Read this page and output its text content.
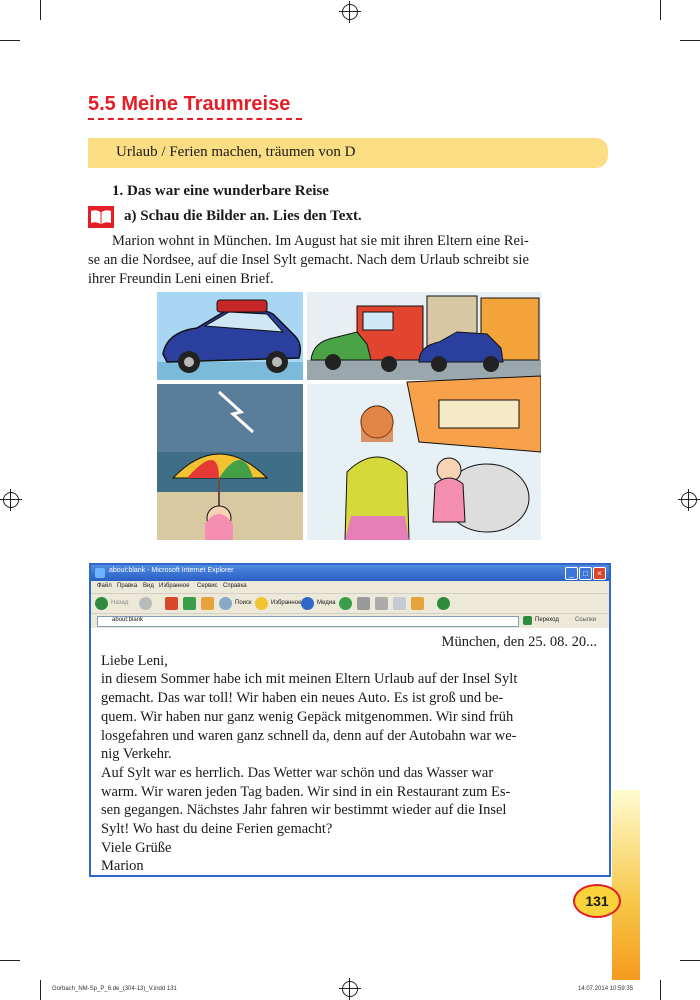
5.5 Meine Traumreise
Urlaub / Ferien machen, träumen von D
1. Das war eine wunderbare Reise
a) Schau die Bilder an. Lies den Text.
Marion wohnt in München. Im August hat sie mit ihren Eltern eine Rei-
se an die Nordsee, auf die Insel Sylt gemacht. Nach dem Urlaub schreibt sie
ihrer Freundin Leni einen Brief.
about:blank - Microsoft Internet Explorer	_	□	×
Файл Правка Вид Избранное Сервис Справка
Назад	Поиск	Избранное	Медиа
about:blank	Переход	Ссылки

München, den 25. 08. 20...

Liebe Leni,

in diesem Sommer habe ich mit meinen Eltern Urlaub auf der Insel Sylt

gemacht. Das war toll! Wir haben ein neues Auto. Es ist groß und be-

quem. Wir haben nur ganz wenig Gepäck mitgenommen. Wir sind früh

losgefahren und waren ganz schnell da, denn auf der Autobahn war we-

nig Verkehr.

Auf Sylt war es herrlich. Das Wetter war schön und das Wasser war

warm. Wir waren jeden Tag baden. Wir sind in ein Restaurant zum Es-

sen gegangen. Nächstes Jahr fahren wir bestimmt wieder auf die Insel

Sylt! Wo hast du deine Ferien gemacht?

Viele Grüße

Marion

131
Gorbach_NM-Sp_P_6.de_(304-13)_V.indd 131	14.07.2014 10:59:35
